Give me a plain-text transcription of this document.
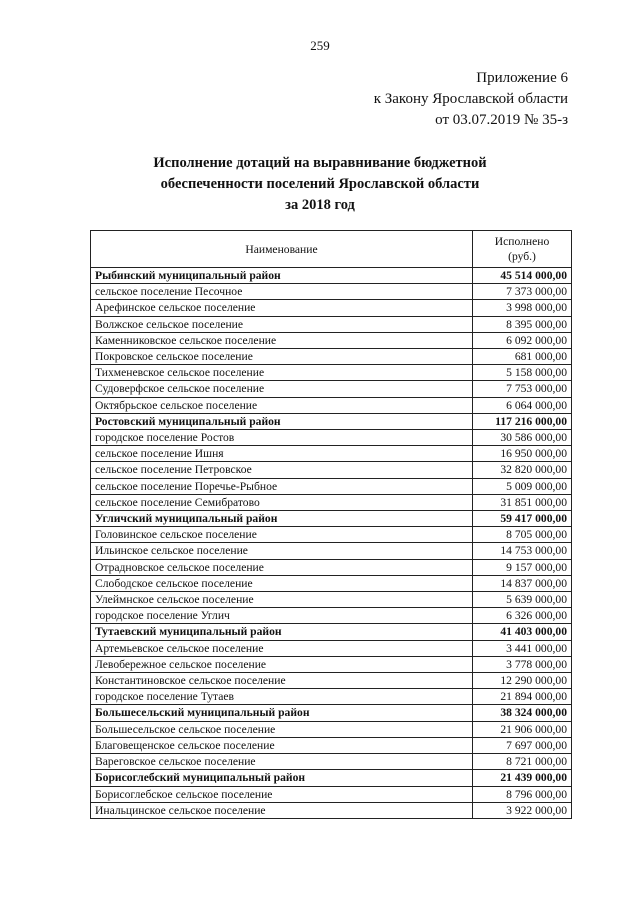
259
Приложение 6
к Закону Ярославской области
от 03.07.2019 № 35-з
Исполнение дотаций на выравнивание бюджетной
обеспеченности поселений Ярославской области
за 2018 год
Наименование	Исполнено
(руб.)

Рыбинский муниципальный район	45 514 000,00
сельское поселение Песочное	7 373 000,00
Арефинское сельское поселение	3 998 000,00
Волжское сельское поселение	8 395 000,00
Каменниковское сельское поселение	6 092 000,00
Покровское сельское поселение	681 000,00
Тихменевское сельское поселение	5 158 000,00
Судоверфское сельское поселение	7 753 000,00
Октябрьское сельское поселение	6 064 000,00
Ростовский муниципальный район	117 216 000,00
городское поселение Ростов	30 586 000,00
сельское поселение Ишня	16 950 000,00
сельское поселение Петровское	32 820 000,00
сельское поселение Поречье-Рыбное	5 009 000,00
сельское поселение Семибратово	31 851 000,00
Угличский муниципальный район	59 417 000,00
Головинское сельское поселение	8 705 000,00
Ильинское сельское поселение	14 753 000,00
Отрадновское сельское поселение	9 157 000,00
Слободское сельское поселение	14 837 000,00
Улеймнское сельское поселение	5 639 000,00
городское поселение Углич	6 326 000,00
Тутаевский муниципальный район	41 403 000,00
Артемьевское сельское поселение	3 441 000,00
Левобережное сельское поселение	3 778 000,00
Константиновское сельское поселение	12 290 000,00
городское поселение Тутаев	21 894 000,00
Большесельский муниципальный район	38 324 000,00
Большесельское сельское поселение	21 906 000,00
Благовещенское сельское поселение	7 697 000,00
Вареговское сельское поселение	8 721 000,00
Борисоглебский муниципальный район	21 439 000,00
Борисоглебское сельское поселение	8 796 000,00
Инальцинское сельское поселение	3 922 000,00
